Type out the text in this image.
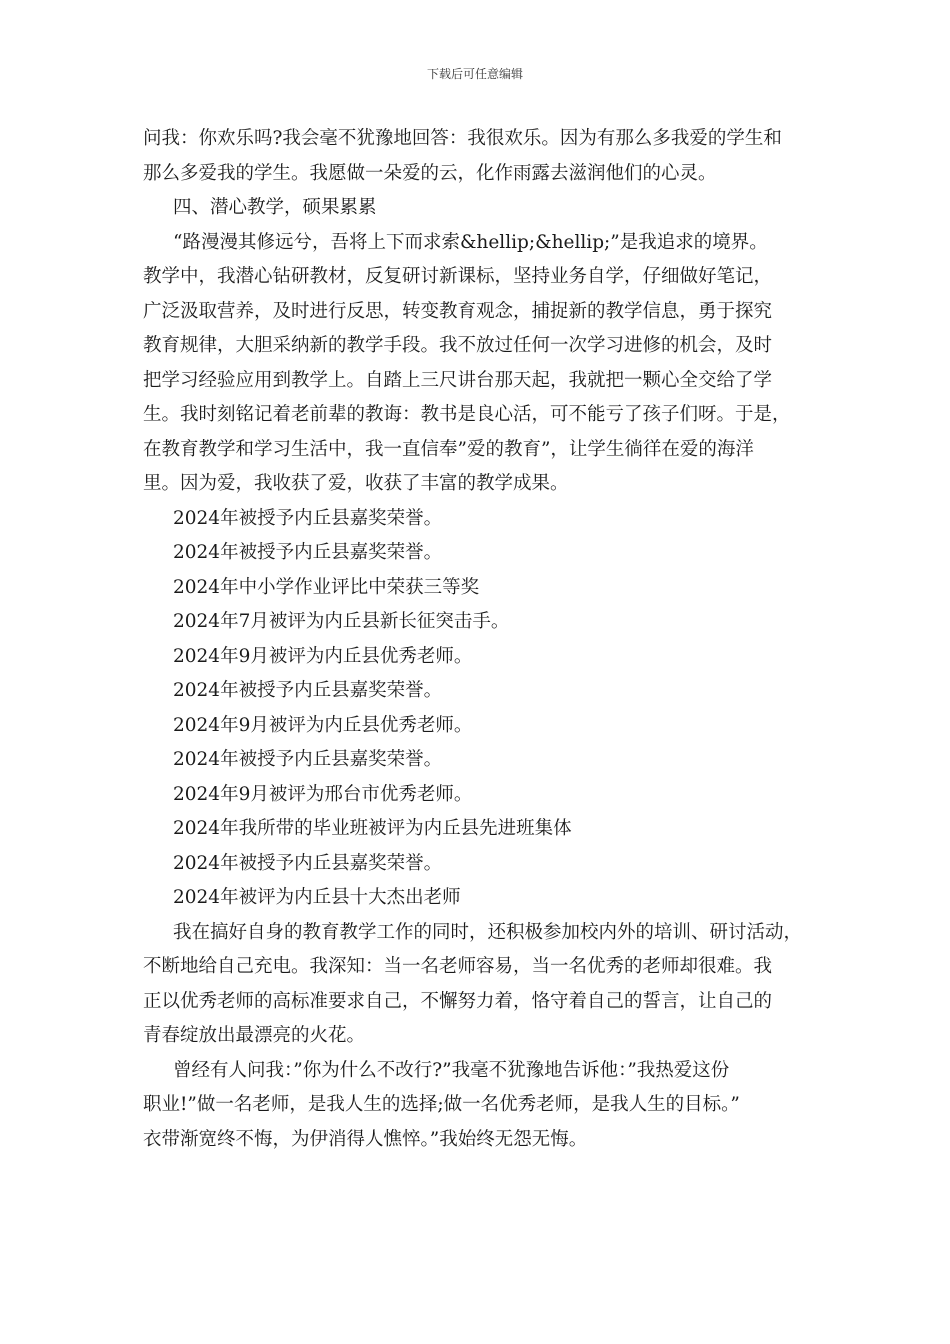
下载后可任意编辑

问我：你欢乐吗?我会毫不犹豫地回答：我很欢乐。因为有那么多我爱的学生和

那么多爱我的学生。我愿做一朵爱的云，化作雨露去滋润他们的心灵。

四、潜心教学，硕果累累

“路漫漫其修远兮，吾将上下而求索&hellip;&hellip;”是我追求的境界。

教学中，我潜心钻研教材，反复研讨新课标，坚持业务自学，仔细做好笔记，

广泛汲取营养，及时进行反思，转变教育观念，捕捉新的教学信息，勇于探究

教育规律，大胆采纳新的教学手段。我不放过任何一次学习进修的机会，及时

把学习经验应用到教学上。自踏上三尺讲台那天起，我就把一颗心全交给了学

生。我时刻铭记着老前辈的教诲：教书是良心活，可不能亏了孩子们呀。于是，

在教育教学和学习生活中，我一直信奉”爱的教育”，让学生徜徉在爱的海洋

里。因为爱，我收获了爱，收获了丰富的教学成果。

2024年被授予内丘县嘉奖荣誉。

2024年被授予内丘县嘉奖荣誉。

2024年中小学作业评比中荣获三等奖

2024年7月被评为内丘县新长征突击手。

2024年9月被评为内丘县优秀老师。

2024年被授予内丘县嘉奖荣誉。

2024年9月被评为内丘县优秀老师。

2024年被授予内丘县嘉奖荣誉。

2024年9月被评为邢台市优秀老师。

2024年我所带的毕业班被评为内丘县先进班集体

2024年被授予内丘县嘉奖荣誉。

2024年被评为内丘县十大杰出老师

我在搞好自身的教育教学工作的同时，还积极参加校内外的培训、研讨活动，

不断地给自己充电。我深知：当一名老师容易，当一名优秀的老师却很难。我

正以优秀老师的高标准要求自己，不懈努力着，恪守着自己的誓言，让自己的

青春绽放出最漂亮的火花。

曾经有人问我：”你为什么不改行?”我毫不犹豫地告诉他：”我热爱这份

职业!”做一名老师，是我人生的选择;做一名优秀老师，是我人生的目标。”

衣带渐宽终不悔，为伊消得人憔悴。”我始终无怨无悔。
